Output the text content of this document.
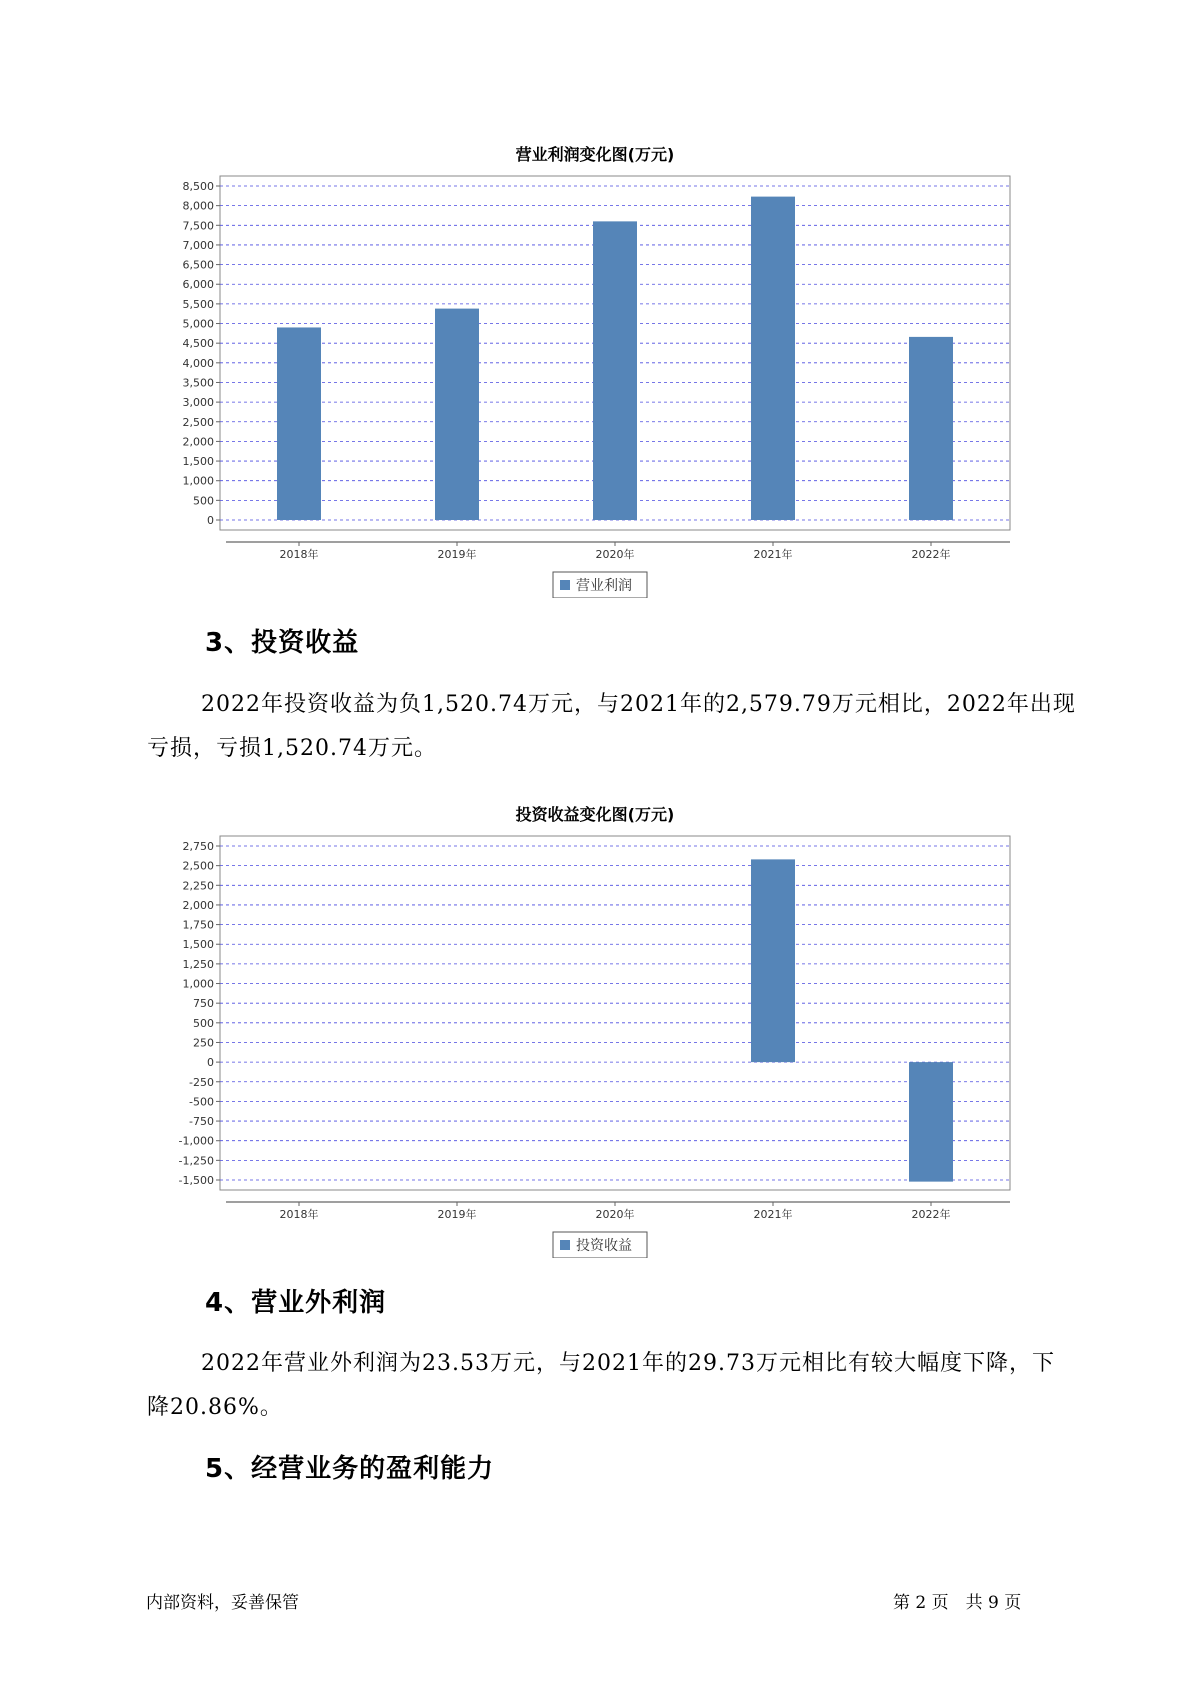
营业利润变化图(万元)
0
500
1,000
1,500
2,000
2,500
3,000
3,500
4,000
4,500
5,000
5,500
6,000
6,500
7,000
7,500
8,000
8,500
2018年	2019年	2020年	2021年	2022年
营业利润
3、投资收益

2022年投资收益为负1,520.74万元，与2021年的2,579.79万元相比，2022年出现亏损，亏损1,520.74万元。

投资收益变化图(万元)
-1,500
-1,250
-1,000
-750
-500
-250
0
250
500
750
1,000
1,250
1,500
1,750
2,000
2,250
2,500
2,750
2018年	2019年	2020年	2021年	2022年
投资收益
4、营业外利润

2022年营业外利润为23.53万元，与2021年的29.73万元相比有较大幅度下降，下降20.86%。

5、经营业务的盈利能力
内部资料，妥善保管	第 2 页　共 9 页
